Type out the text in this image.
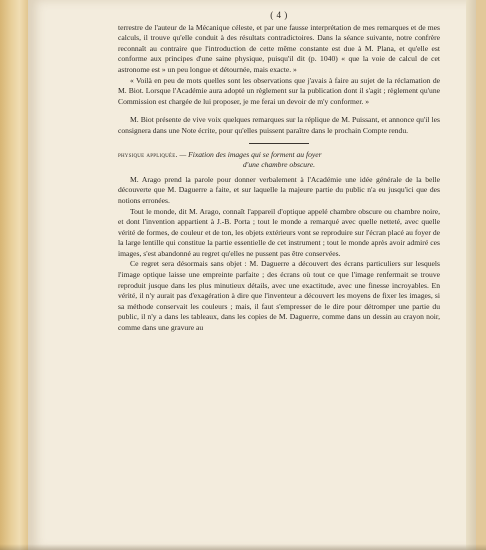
( 4 )

terrestre de l'auteur de la Mécanique céleste, et par une fausse interprétation de mes remarques et de mes calculs, il trouve qu'elle conduit à des résultats contradictoires. Dans la séance suivante, notre confrère reconnaît au contraire que l'introduction de cette même constante est due à M. Plana, et qu'elle est conforme aux principes d'une saine physique, puisqu'il dit (p. 1040) « que la voie de calcul de cet astronome est » un peu longue et détournée, mais exacte. »

« Voilà en peu de mots quelles sont les observations que j'avais à faire au sujet de la réclamation de M. Biot. Lorsque l'Académie aura adopté un règlement sur la publication dont il s'agit ; règlement qu'une Commission est chargée de lui proposer, je me ferai un devoir de m'y conformer. »

M. Biot présente de vive voix quelques remarques sur la réplique de M. Puissant, et annonce qu'il les consignera dans une Note écrite, pour qu'elles puissent paraître dans le prochain Compte rendu.

physique appliquée. — Fixation des images qui se forment au foyer

d'une chambre obscure.

M. Arago prend la parole pour donner verbalement à l'Académie une idée générale de la belle découverte que M. Daguerre a faite, et sur laquelle la majeure partie du public n'a eu jusqu'ici que des notions erronées.

Tout le monde, dit M. Arago, connaît l'appareil d'optique appelé chambre obscure ou chambre noire, et dont l'invention appartient à J.-B. Porta ; tout le monde a remarqué avec quelle netteté, avec quelle vérité de formes, de couleur et de ton, les objets extérieurs vont se reproduire sur l'écran placé au foyer de la large lentille qui constitue la partie essentielle de cet instrument ; tout le monde après avoir admiré ces images, s'est abandonné au regret qu'elles ne pussent pas être conservées.

Ce regret sera désormais sans objet : M. Daguerre a découvert des écrans particuliers sur lesquels l'image optique laisse une empreinte parfaite ; des écrans où tout ce que l'image renfermait se trouve reproduit jusque dans les plus minutieux détails, avec une exactitude, avec une finesse incroyables. En vérité, il n'y aurait pas d'exagération à dire que l'inventeur a découvert les moyens de fixer les images, si sa méthode conservait les couleurs ; mais, il faut s'empresser de le dire pour détromper une partie du public, il n'y a dans les tableaux, dans les copies de M. Daguerre, comme dans un dessin au crayon noir, comme dans une gravure au
